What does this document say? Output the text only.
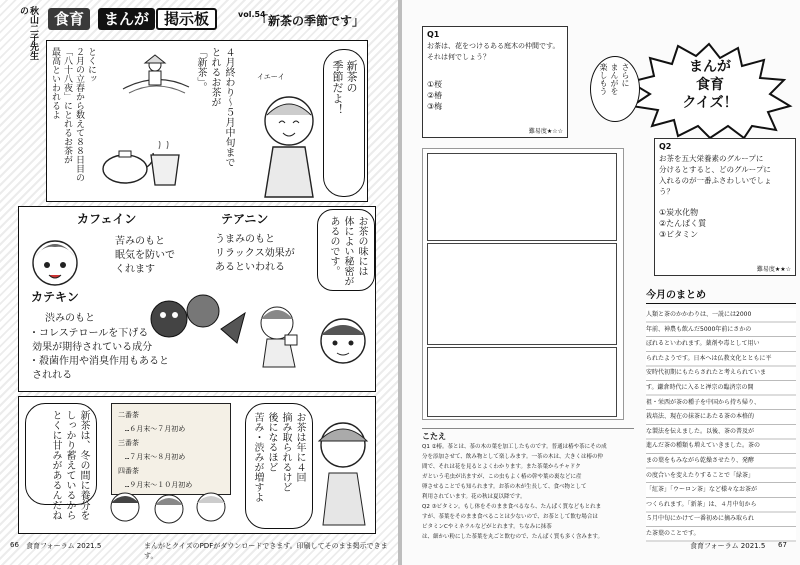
秋山二子先生の	食育	まんが 掲示板	vol.54
「新茶の季節です」
とくにッ
２月の立春から数えて８８日目の
「八十八夜」にとれるお茶が
最高といわれるよ	４月終わり〜５月中旬まで
とれるお茶が
「新茶」。	イエーイ	新茶の
季節だよ！
カフェイン
苦みのもと
眠気を防いで
くれます
テアニン
うまみのもと
リラックス効果が
あるといわれる	お茶の味には
体によい秘密が
あるのです。
カテキン
渋みのもと
・コレステロールを下げる
効果が期待されている成分
・殺菌作用や消臭作用もあると
されれる
新茶は、冬の間に養分を
しっかり蓄えているから
とくに甘みがあるんだね	二番茶
　…６月末〜７月初め
三番茶
　…７月末〜８月初め
四番茶
　…９月末〜１０月初め
お茶は年に４回
摘み取られるけど
後になるほど
苦み・渋みが増すよ
66 食育フォーラム 2021.5	まんがとクイズのPDFがダウンロードできます。印刷してそのまま掲示できます。
Q1
お茶は、花をつけるある庭木の仲間です。
それは何でしょう？
①桜
②椿
③梅
難易度★☆☆
さらに
まんがを
楽しもう	まんが
食育
クイズ！
Q2
お茶を五大栄養素のグループに
分けるとすると、どのグループに
入れるのが一番ふさわしいでしょ
う？
①炭水化物
②たんぱく質
③ビタミン
難易度★★☆
今月のまとめ
人類と茶のかかわりは、一説には2000
年前、神農も飲んだ5000年前にさかの
ぼれるといわれます。薬剤や毒として用い
られたようです。日本へは仏教文化とともに平
安時代初期にもたらされたと考えられていま
す。鎌倉時代に入ると禅宗の臨済宗の開
祖・栄西が茶の種子を中国から持ち帰り、
栽培法、現在の抹茶にあたる茶の本格的
な製法を伝えました。以後、茶の普及が
進んだ茶の種類も増えていきました。茶の
まの葉をもみながら乾燥させたり、発酵
の度合いを変えたりすることで「緑茶」
「紅茶」「ウーロン茶」など様々なお茶が
つくられます。「新茶」は、４月中旬から
５月中旬にかけて一番初めに摘み取られ
た茶葉のことです。
こたえ
Q1 ②椿。茶とは、茶の木の葉を加工したものです。普通は椿や茶にその成
分を添加させて、飲み物として楽しみます。一茶の木は、大きくは椿の仲
間で、それは花を見るとよくわかります。また茶葉からチャドク
ガという毛虫が出ますが、この虫もよく椿の幹や葉の裏などに産
卵させることでも知られます。お茶の木が生長して、食べ物として
利用されています。花の秋は夏以降です。
Q2 ③ビタミン。もし体をそのまま食べるなら、たんぱく質などもとれま
すが、茶葉をそのまま食べることは少ないので、お茶として飲む場合は
ビタミンCやミネラルなどがとれます。ちなみに抹茶
は、細かい粉にした茶葉を丸ごと飲むので、たんぱく質も多く含みます。
食育フォーラム 2021.5 67
